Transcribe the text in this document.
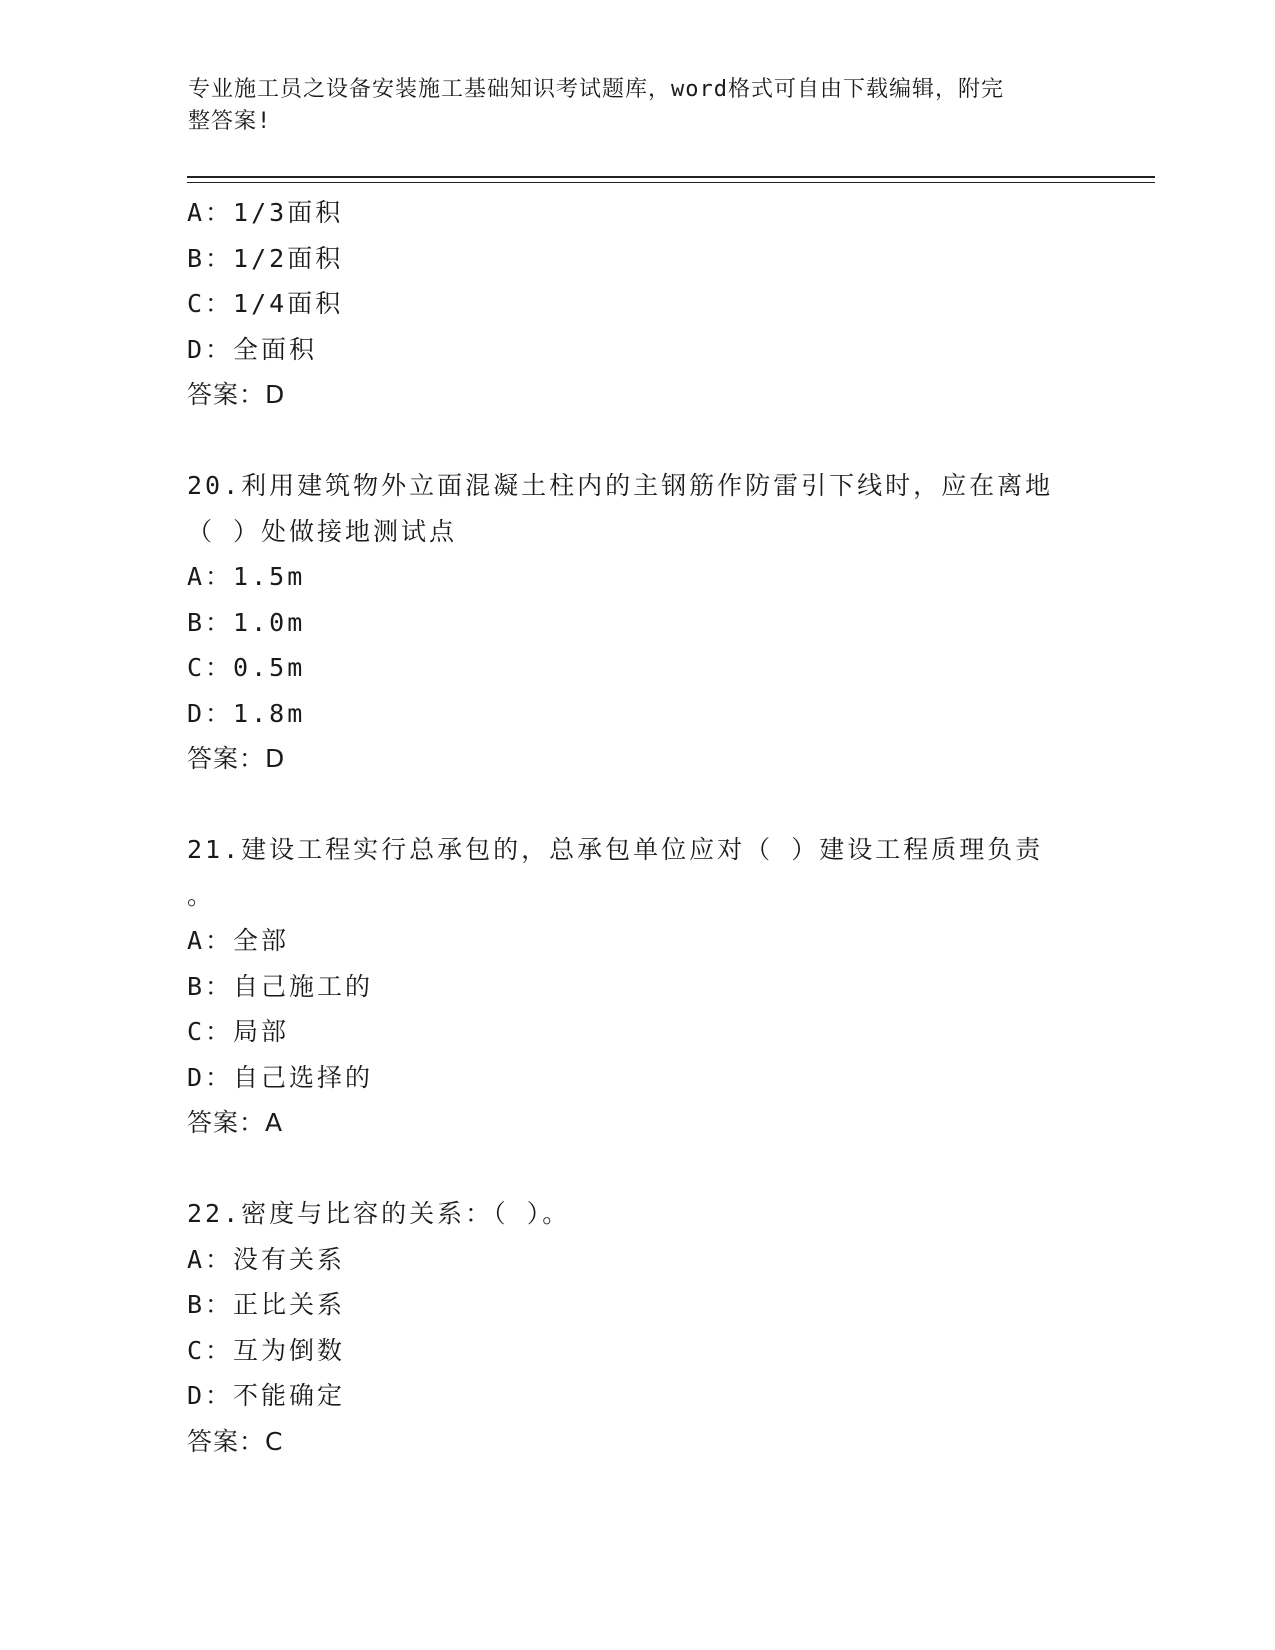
专业施工员之设备安装施工基础知识考试题库，word格式可自由下载编辑，附完
整答案!
A：1/3面积
B：1/2面积
C：1/4面积
D：全面积
答案：D
20.利用建筑物外立面混凝土柱内的主钢筋作防雷引下线时，应在离地
（ ）处做接地测试点
A：1.5m
B：1.0m
C：0.5m
D：1.8m
答案：D
21.建设工程实行总承包的，总承包单位应对（ ）建设工程质理负责
。
A：全部
B：自己施工的
C：局部
D：自己选择的
答案：A
22.密度与比容的关系：（ ）。
A：没有关系
B：正比关系
C：互为倒数
D：不能确定
答案：C
